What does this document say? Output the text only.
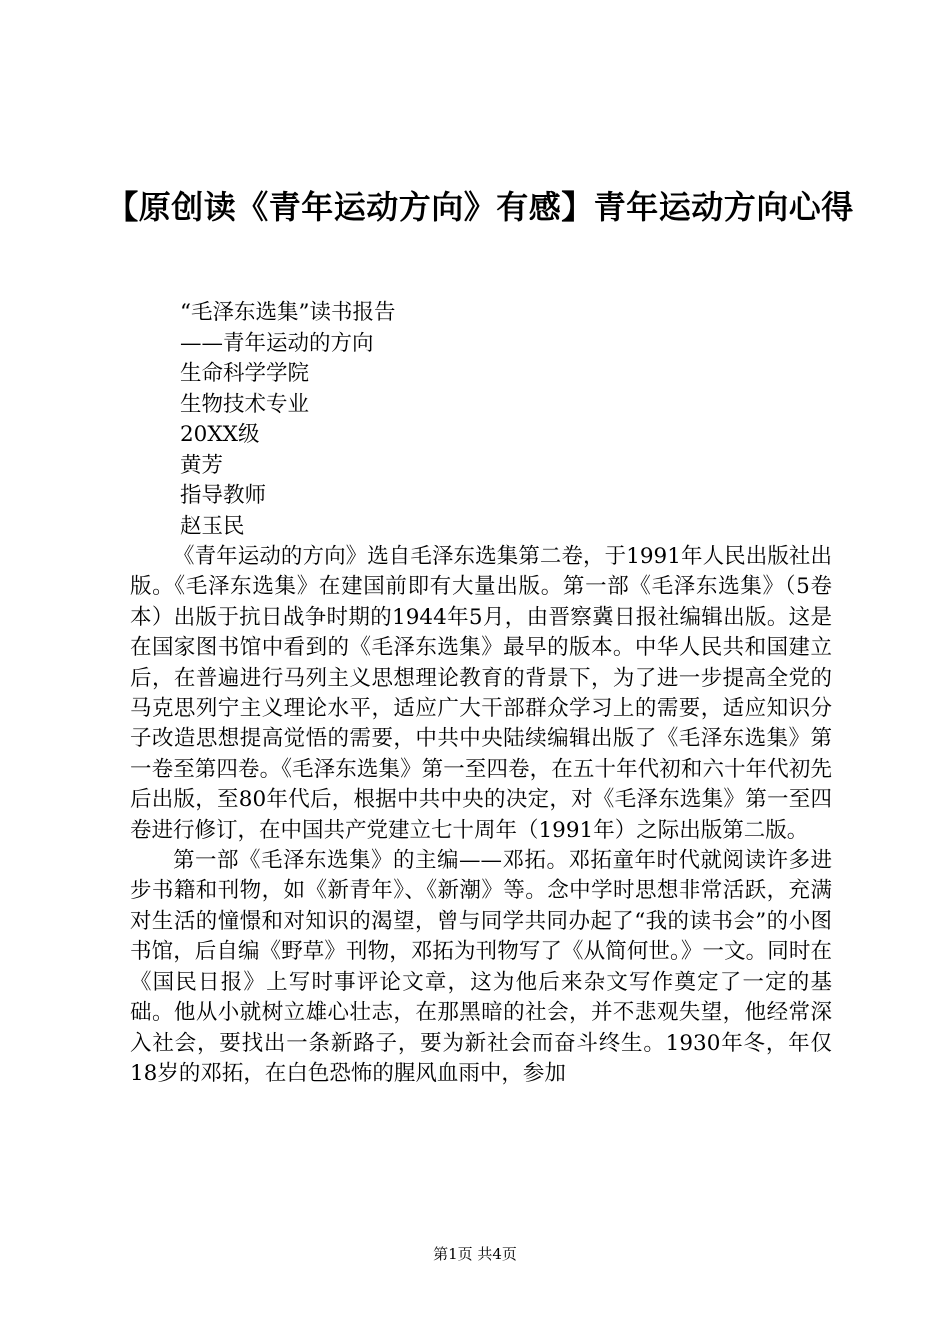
【原创读《青年运动方向》有感】青年运动方向心得
“毛泽东选集”读书报告
——青年运动的方向
生命科学学院
生物技术专业
20XX级
黄芳
指导教师
赵玉民

《青年运动的方向》选自毛泽东选集第二卷，于1991年人民出版社出版。《毛泽东选集》在建国前即有大量出版。第一部《毛泽东选集》（5卷本）出版于抗日战争时期的1944年5月，由晋察冀日报社编辑出版。这是在国家图书馆中看到的《毛泽东选集》最早的版本。中华人民共和国建立后，在普遍进行马列主义思想理论教育的背景下，为了进一步提高全党的马克思列宁主义理论水平，适应广大干部群众学习上的需要，适应知识分子改造思想提高觉悟的需要，中共中央陆续编辑出版了《毛泽东选集》第一卷至第四卷。《毛泽东选集》第一至四卷，在五十年代初和六十年代初先后出版，至80年代后，根据中共中央的决定，对《毛泽东选集》第一至四卷进行修订，在中国共产党建立七十周年（1991年）之际出版第二版。

第一部《毛泽东选集》的主编——邓拓。邓拓童年时代就阅读许多进步书籍和刊物，如《新青年》、《新潮》等。念中学时思想非常活跃，充满对生活的憧憬和对知识的渴望，曾与同学共同办起了“我的读书会”的小图书馆，后自编《野草》刊物，邓拓为刊物写了《从简何世。》一文。同时在《国民日报》上写时事评论文章，这为他后来杂文写作奠定了一定的基础。他从小就树立雄心壮志，在那黑暗的社会，并不悲观失望，他经常深入社会，要找出一条新路子，要为新社会而奋斗终生。1930年冬，年仅18岁的邓拓，在白色恐怖的腥风血雨中，参加

第1页 共4页
